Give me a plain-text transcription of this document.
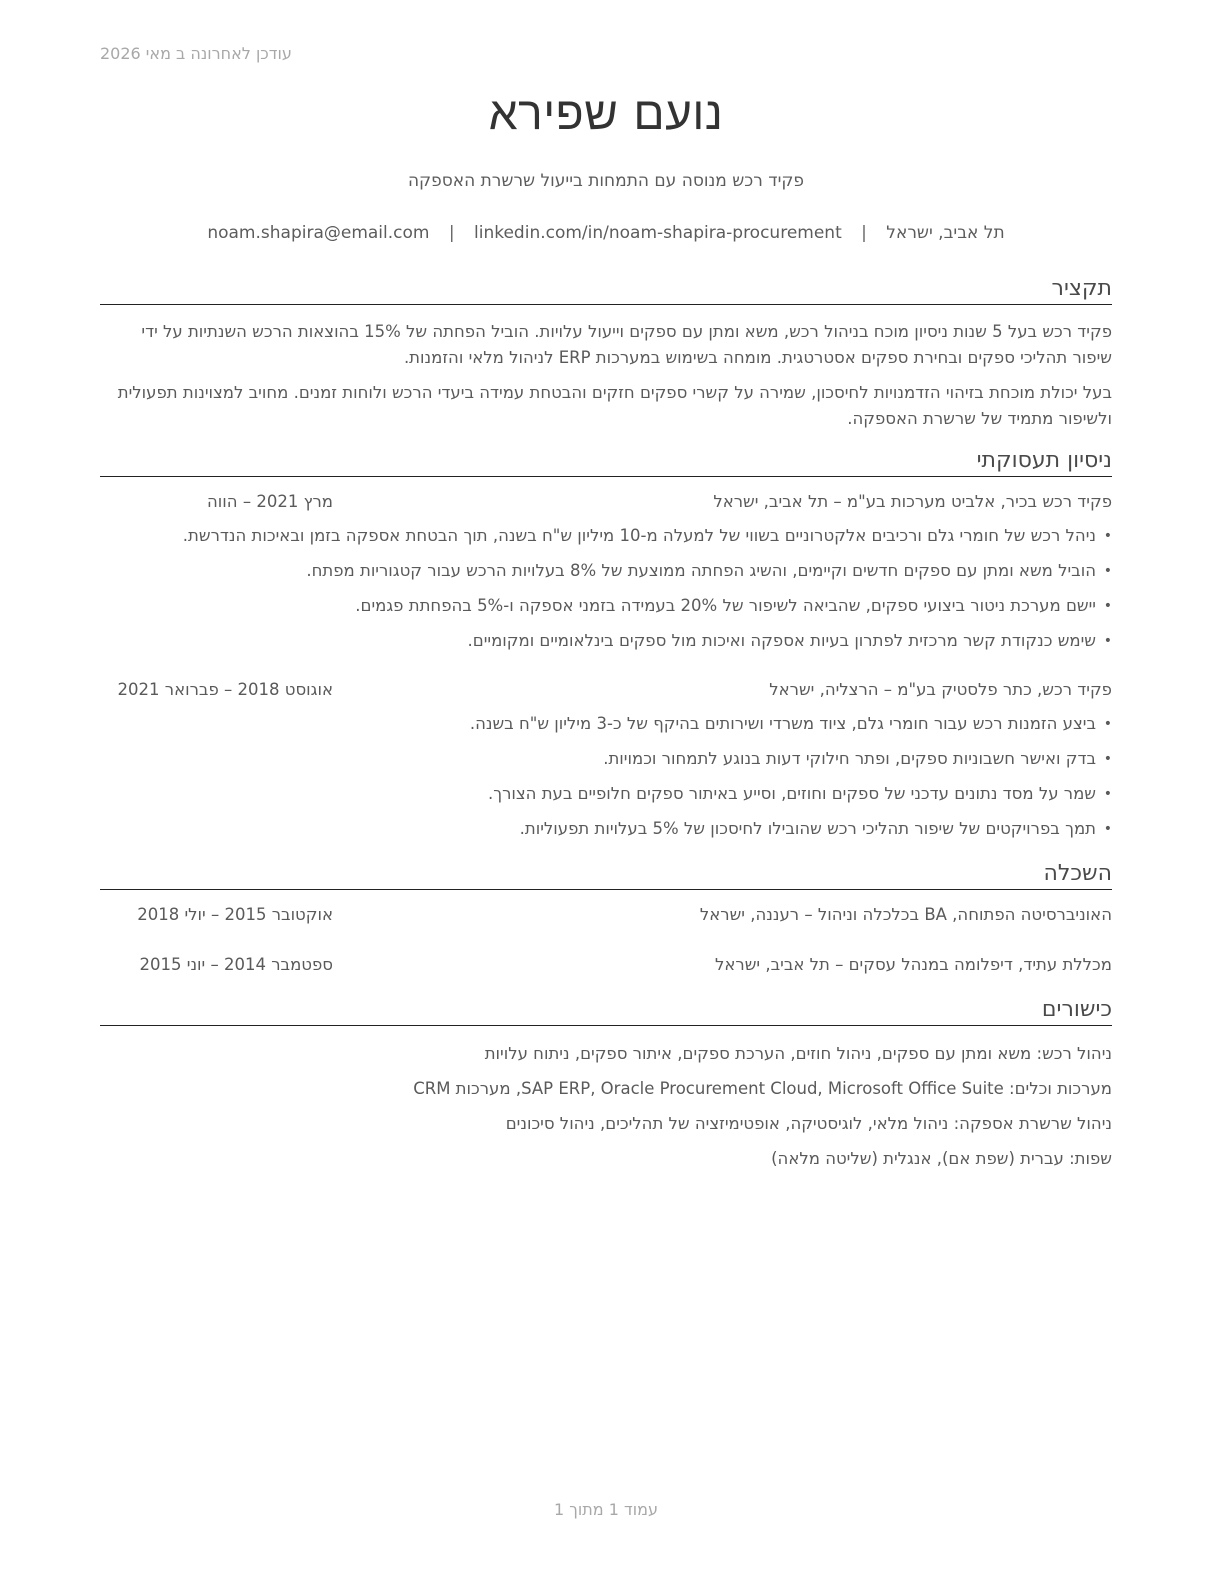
עודכן לאחרונה ב מאי 2026
נועם שפירא
פקיד רכש מנוסה עם התמחות בייעול שרשרת האספקה
תל אביב, ישראל | noam.shapira@email.com | linkedin.com/in/noam-shapira-procurement
תקציר
פקיד רכש בעל 5 שנות ניסיון מוכח בניהול רכש, משא ומתן עם ספקים וייעול עלויות. הוביל הפחתה של 15% בהוצאות הרכש השנתיות על ידי שיפור תהליכי ספקים ובחירת ספקים אסטרטגית. מומחה בשימוש במערכות ERP לניהול מלאי והזמנות.
בעל יכולת מוכחת בזיהוי הזדמנויות לחיסכון, שמירה על קשרי ספקים חזקים והבטחת עמידה ביעדי הרכש ולוחות זמנים. מחויב למצוינות תפעולית ולשיפור מתמיד של שרשרת האספקה.
ניסיון תעסוקתי
פקיד רכש בכיר, אלביט מערכות בע"מ – תל אביב, ישראל
מרץ 2021 – הווה
•
ניהל רכש של חומרי גלם ורכיבים אלקטרוניים בשווי של למעלה מ-10 מיליון ש"ח בשנה, תוך הבטחת אספקה בזמן ובאיכות הנדרשת.
•
הוביל משא ומתן עם ספקים חדשים וקיימים, והשיג הפחתה ממוצעת של 8% בעלויות הרכש עבור קטגוריות מפתח.
•
יישם מערכת ניטור ביצועי ספקים, שהביאה לשיפור של 20% בעמידה בזמני אספקה ו-5% בהפחתת פגמים.
•
שימש כנקודת קשר מרכזית לפתרון בעיות אספקה ואיכות מול ספקים בינלאומיים ומקומיים.
פקיד רכש, כתר פלסטיק בע"מ – הרצליה, ישראל
אוגוסט 2018 – פברואר 2021
•
ביצע הזמנות רכש עבור חומרי גלם, ציוד משרדי ושירותים בהיקף של כ-3 מיליון ש"ח בשנה.
•
בדק ואישר חשבוניות ספקים, ופתר חילוקי דעות בנוגע לתמחור וכמויות.
•
שמר על מסד נתונים עדכני של ספקים וחוזים, וסייע באיתור ספקים חלופיים בעת הצורך.
•
תמך בפרויקטים של שיפור תהליכי רכש שהובילו לחיסכון של 5% בעלויות תפעוליות.
השכלה
האוניברסיטה הפתוחה, BA בכלכלה וניהול – רעננה, ישראל
אוקטובר 2015 – יולי 2018
מכללת עתיד, דיפלומה במנהל עסקים – תל אביב, ישראל
ספטמבר 2014 – יוני 2015
כישורים
ניהול רכש: משא ומתן עם ספקים, ניהול חוזים, הערכת ספקים, איתור ספקים, ניתוח עלויות
מערכות וכלים: SAP ERP, Oracle Procurement Cloud, Microsoft Office Suite, מערכות CRM
ניהול שרשרת אספקה: ניהול מלאי, לוגיסטיקה, אופטימיזציה של תהליכים, ניהול סיכונים
שפות: עברית (שפת אם), אנגלית (שליטה מלאה)
עמוד 1 מתוך 1
